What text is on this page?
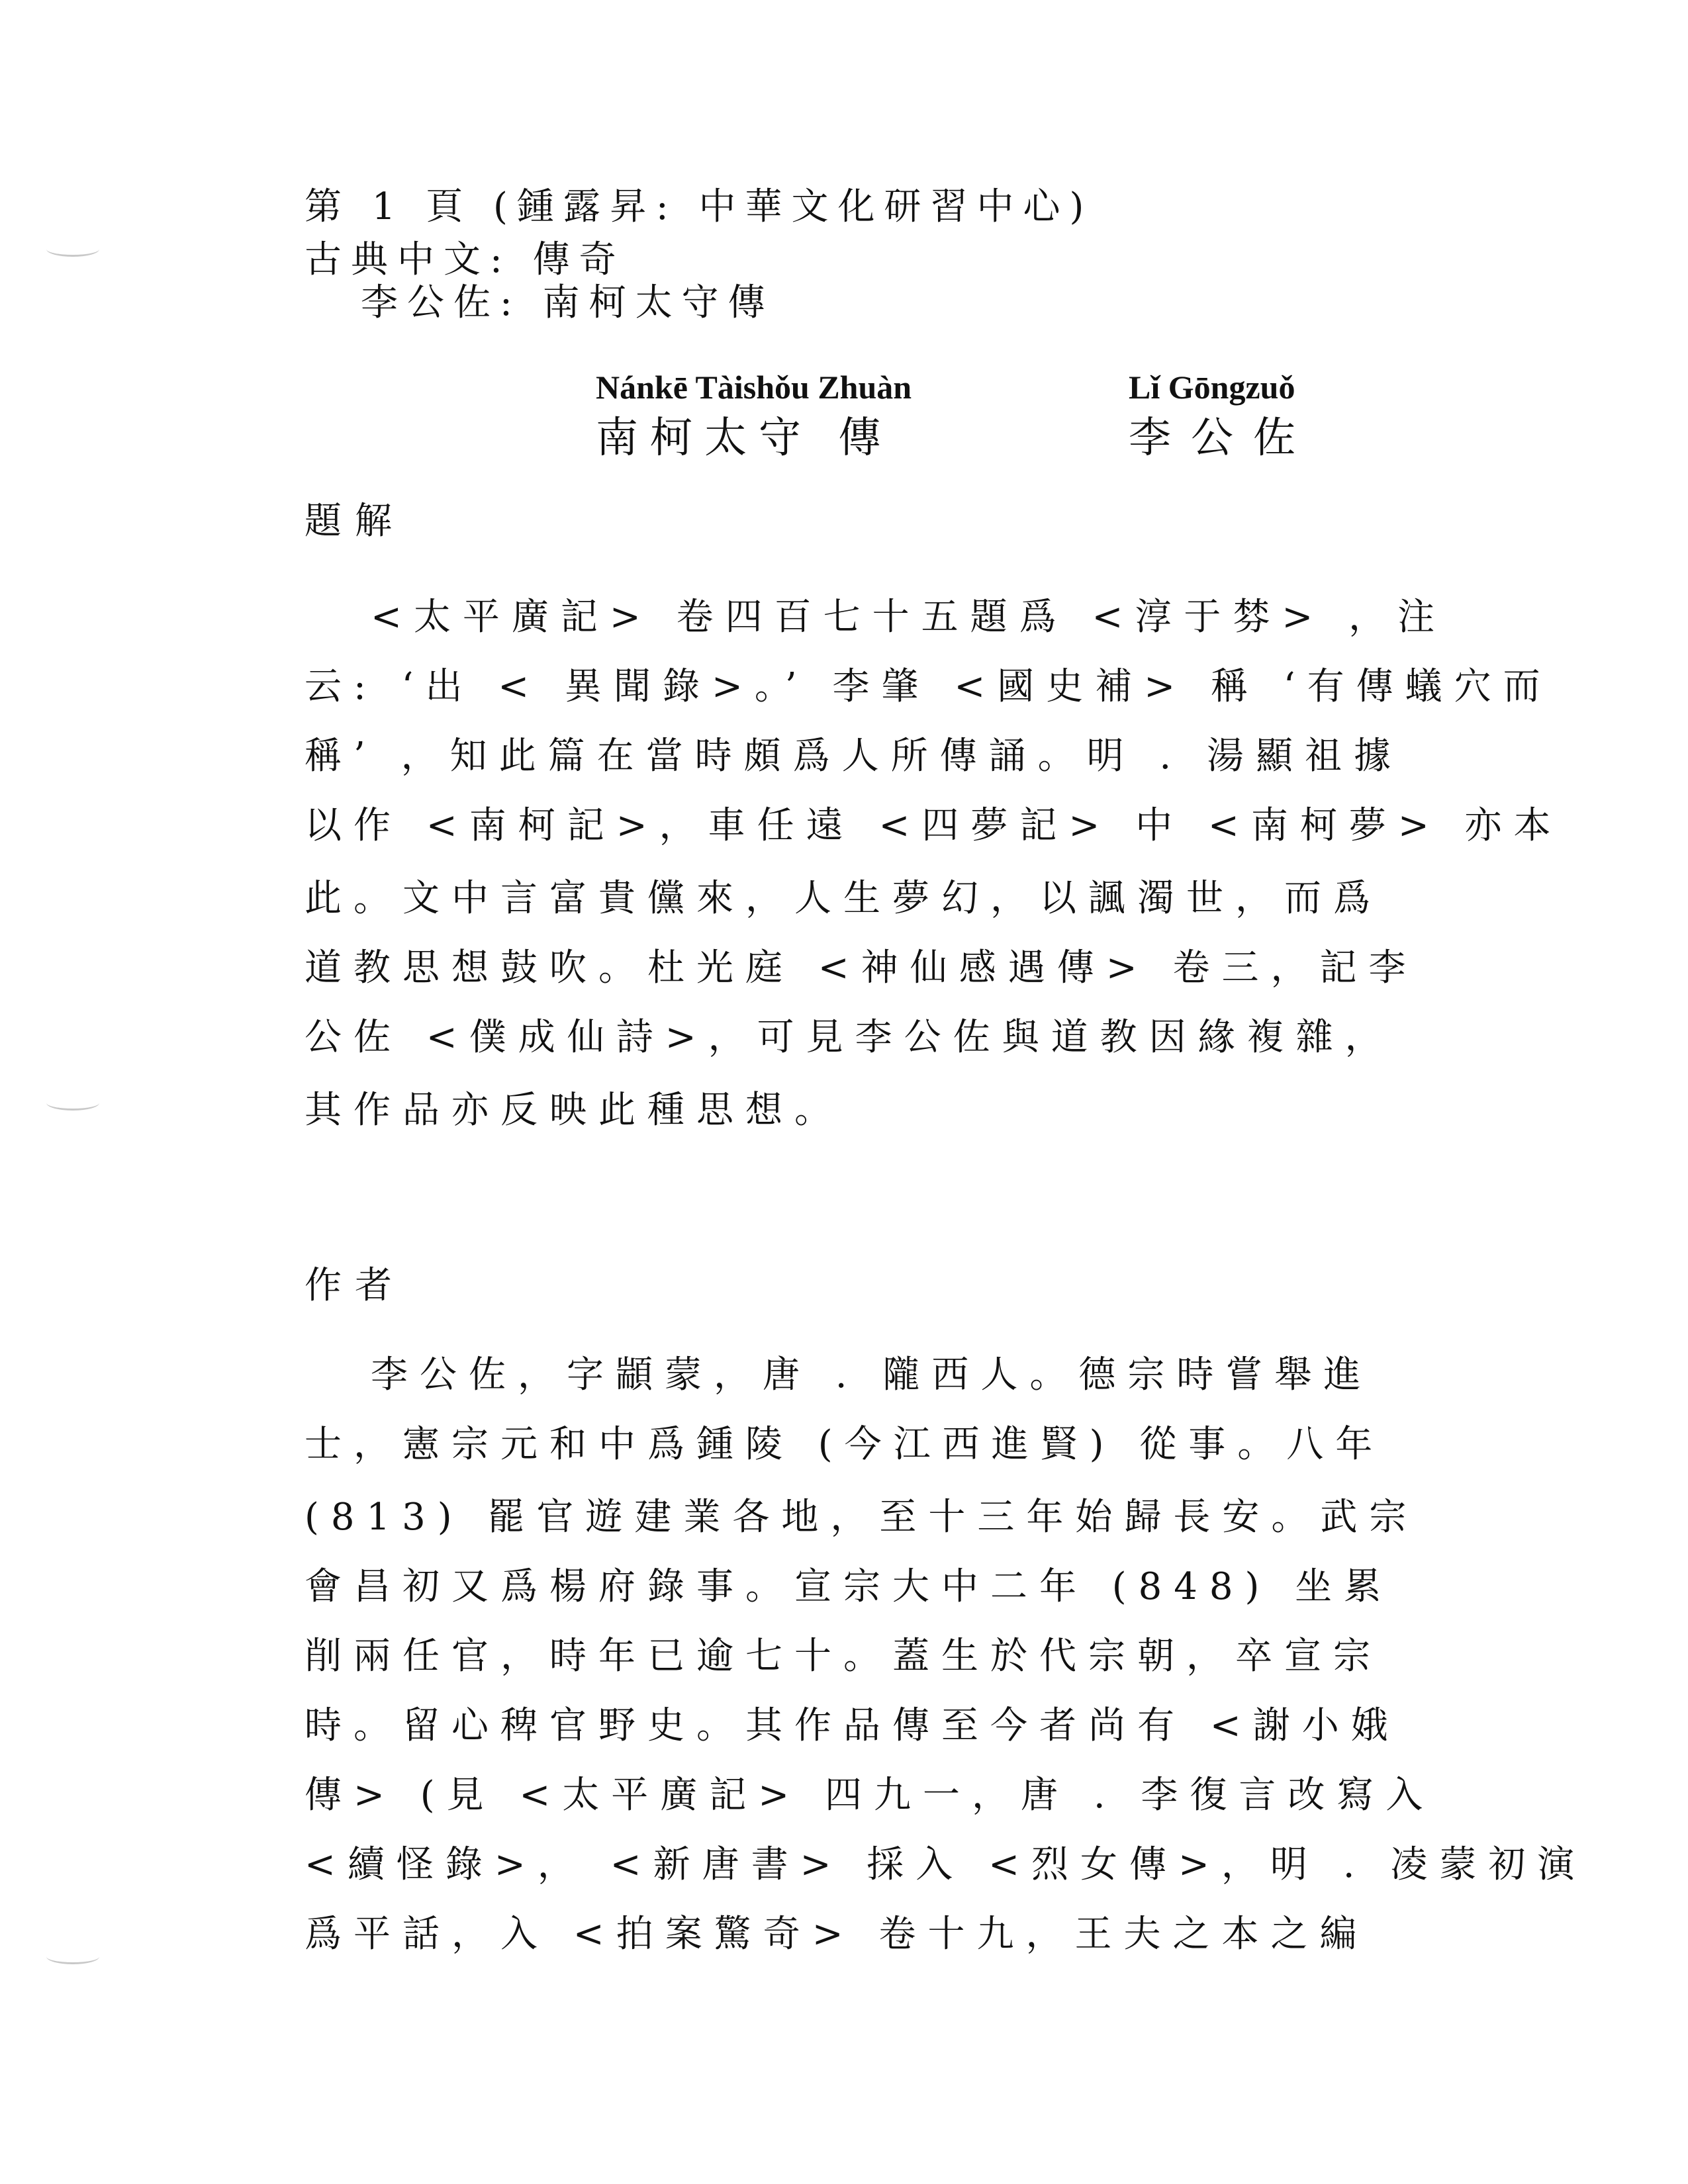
第 1 頁 (鍾露昇: 中華文化研習中心)
古典中文: 傳奇
李公佐: 南柯太守傳
Nánkē Tàishǒu Zhuàn	Lǐ Gōngzuǒ
南柯太守 傳	李公佐
題解
<太平廣記> 卷四百七十五題爲 <淳于棼> ，注
云: ‘出 < 異聞錄>。’ 李肇 <國史補> 稱 ‘有傳蟻穴而
稱’ ，知此篇在當時頗爲人所傳誦。明 . 湯顯祖據
以作 <南柯記>，車任遠 <四夢記> 中 <南柯夢> 亦本
此。文中言富貴儻來，人生夢幻，以諷濁世，而爲
道教思想鼓吹。杜光庭 <神仙感遇傳> 卷三，記李
公佐 <僕成仙詩>，可見李公佐與道教因緣複雜，
其作品亦反映此種思想。
作者
李公佐，字顓蒙，唐 . 隴西人。德宗時嘗舉進
士，憲宗元和中爲鍾陵 (今江西進賢) 從事。八年
(813) 罷官遊建業各地，至十三年始歸長安。武宗
會昌初又爲楊府錄事。宣宗大中二年 (848) 坐累
削兩任官，時年已逾七十。蓋生於代宗朝，卒宣宗
時。留心稗官野史。其作品傳至今者尚有 <謝小娥
傳> (見 <太平廣記> 四九一，唐 . 李復言改寫入
<續怪錄>， <新唐書> 採入 <烈女傳>，明 . 凌蒙初演
爲平話，入 <拍案驚奇> 卷十九，王夫之本之編
